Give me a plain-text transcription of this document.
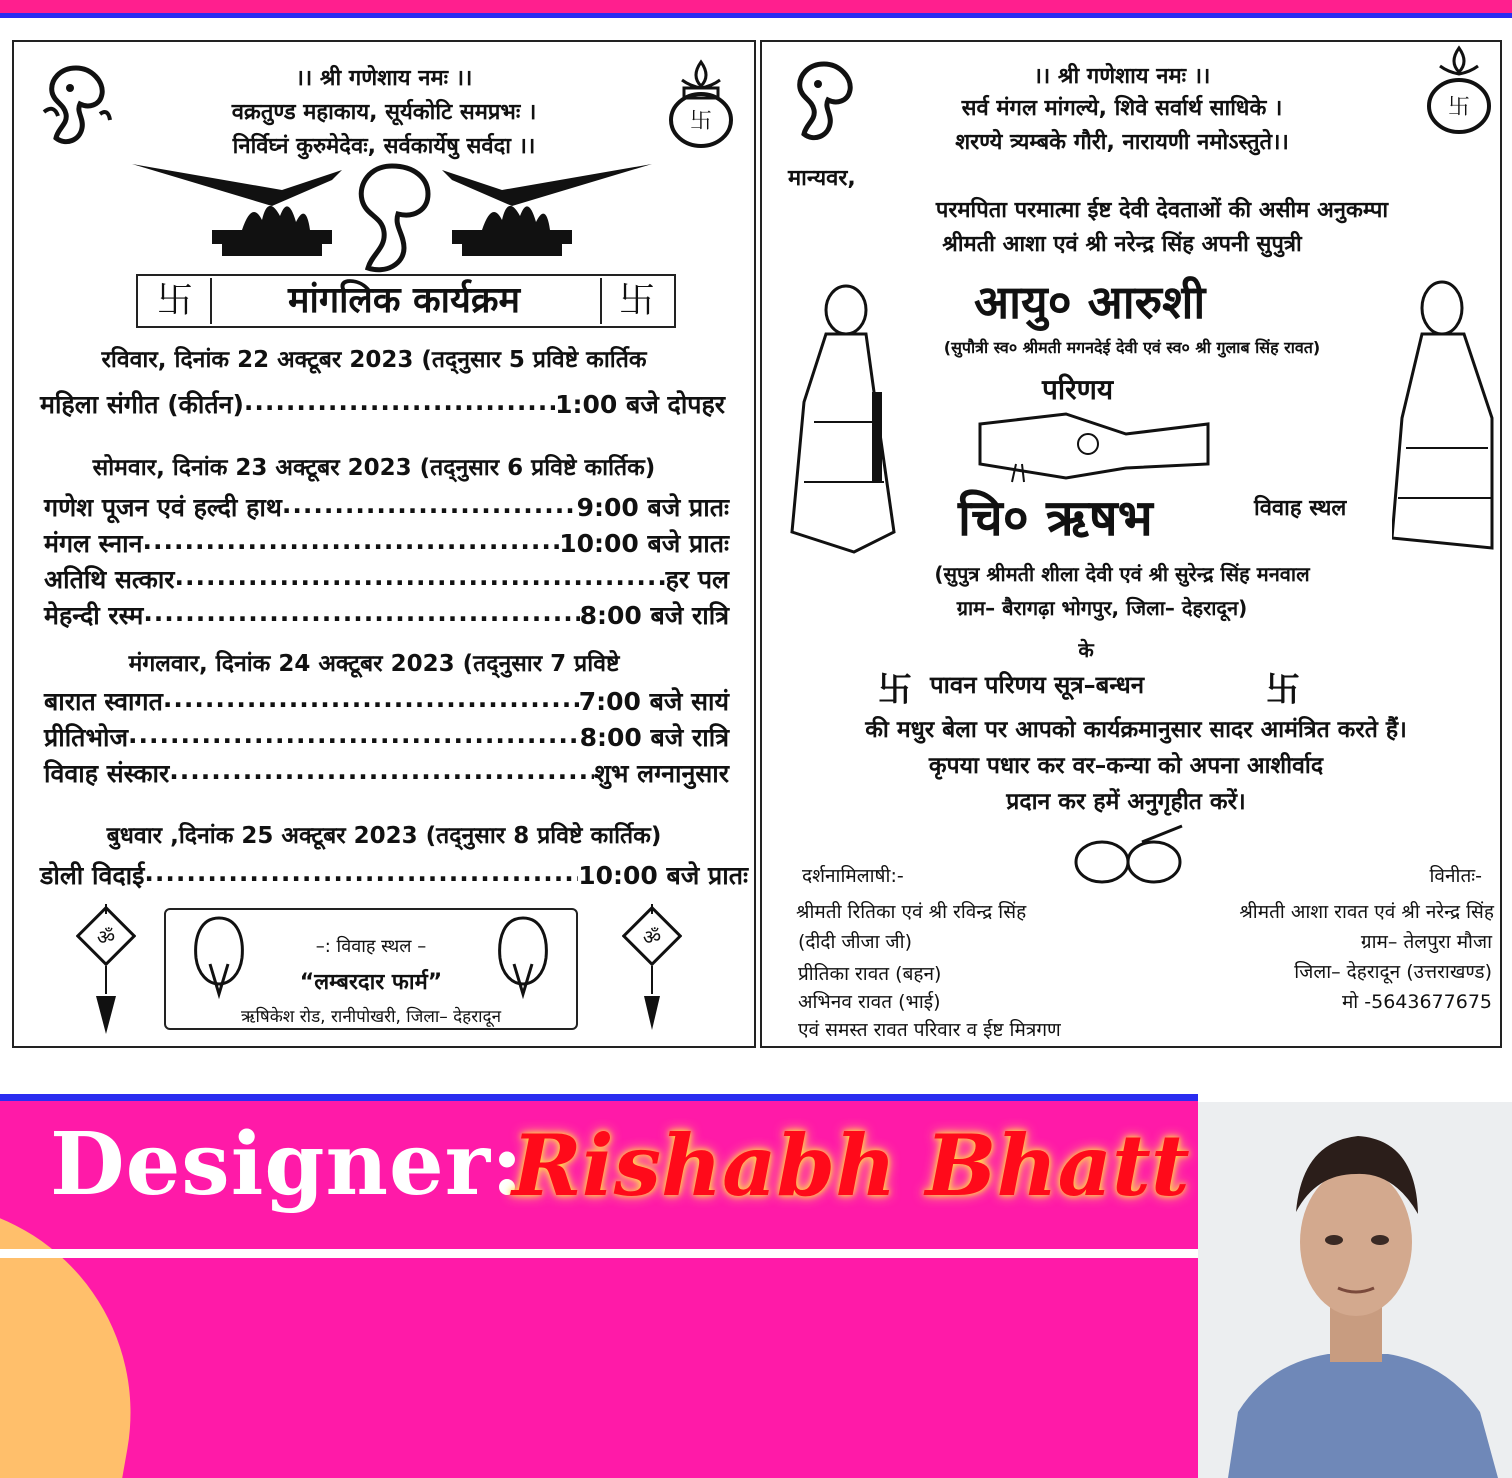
卐
।। श्री गणेशाय नमः ।।
वक्रतुण्ड महाकाय, सूर्यकोटि समप्रभः ।
निर्विघ्नं कुरुमेदेवः, सर्वकार्येषु सर्वदा ।।
卐	मांगलिक कार्यक्रम	卐
रविवार, दिनांक 22 अक्टूबर 2023 (तद्नुसार 5 प्रविष्टे कार्तिक
महिला संगीत (कीर्तन) .....	1:00 बजे दोपहर
सोमवार, दिनांक 23 अक्टूबर 2023 (तद्नुसार 6 प्रविष्टे कार्तिक)
गणेश पूजन एवं हल्दी हाथ .....	9:00 बजे प्रातः
मंगल स्नान .....	10:00 बजे प्रातः
अतिथि सत्कार .....	हर पल
मेहन्दी रस्म .....	8:00 बजे रात्रि
मंगलवार, दिनांक 24 अक्टूबर 2023 (तद्नुसार 7 प्रविष्टे
बारात स्वागत .....	7:00 बजे सायं
प्रीतिभोज .....	8:00 बजे रात्रि
विवाह संस्कार .....	शुभ लग्नानुसार
बुधवार ,दिनांक 25 अक्टूबर 2023 (तद्नुसार 8 प्रविष्टे कार्तिक)
डोली विदाई .....	10:00 बजे प्रातः
ॐ	ॐ
–: विवाह स्थल –
“लम्बरदार फार्म”
ऋषिकेश रोड, रानीपोखरी, जिला– देहरादून
卐
।। श्री गणेशाय नमः ।।
सर्व मंगल मांगल्ये, शिवे सर्वार्थ साधिके ।
शरण्ये त्र्यम्बके गौरी, नारायणी नमोऽस्तुते।।
मान्यवर,
परमपिता परमात्मा ईष्ट देवी देवताओं की असीम अनुकम्पा
श्रीमती आशा एवं श्री नरेन्द्र सिंह अपनी सुपुत्री
आयु० आरुशी
(सुपौत्री स्व० श्रीमती मगनदेई देवी एवं स्व० श्री गुलाब सिंह रावत)
परिणय
चि० ऋषभ	विवाह स्थल
(सुपुत्र श्रीमती शीला देवी एवं श्री सुरेन्द्र सिंह मनवाल
ग्राम– बैरागढ़ा भोगपुर, जिला– देहरादून)
के
卐 पावन परिणय सूत्र–बन्धन	卐
की मधुर बेला पर आपको कार्यक्रमानुसार सादर आमंत्रित करते हैं।
कृपया पधार कर वर–कन्या को अपना आशीर्वाद
प्रदान कर हमें अनुगृहीत करें।
दर्शनामिलाषी:-
श्रीमती रितिका एवं श्री रविन्द्र सिंह
(दीदी जीजा जी)
प्रीतिका रावत (बहन)
अभिनव रावत (भाई)
एवं समस्त रावत परिवार व ईष्ट मित्रगण
विनीतः-
श्रीमती आशा रावत एवं श्री नरेन्द्र सिंह
ग्राम– तेलपुरा मौजा
जिला– देहरादून (उत्तराखण्ड)
मो -5643677675
Designer:
Rishabh Bhatt
